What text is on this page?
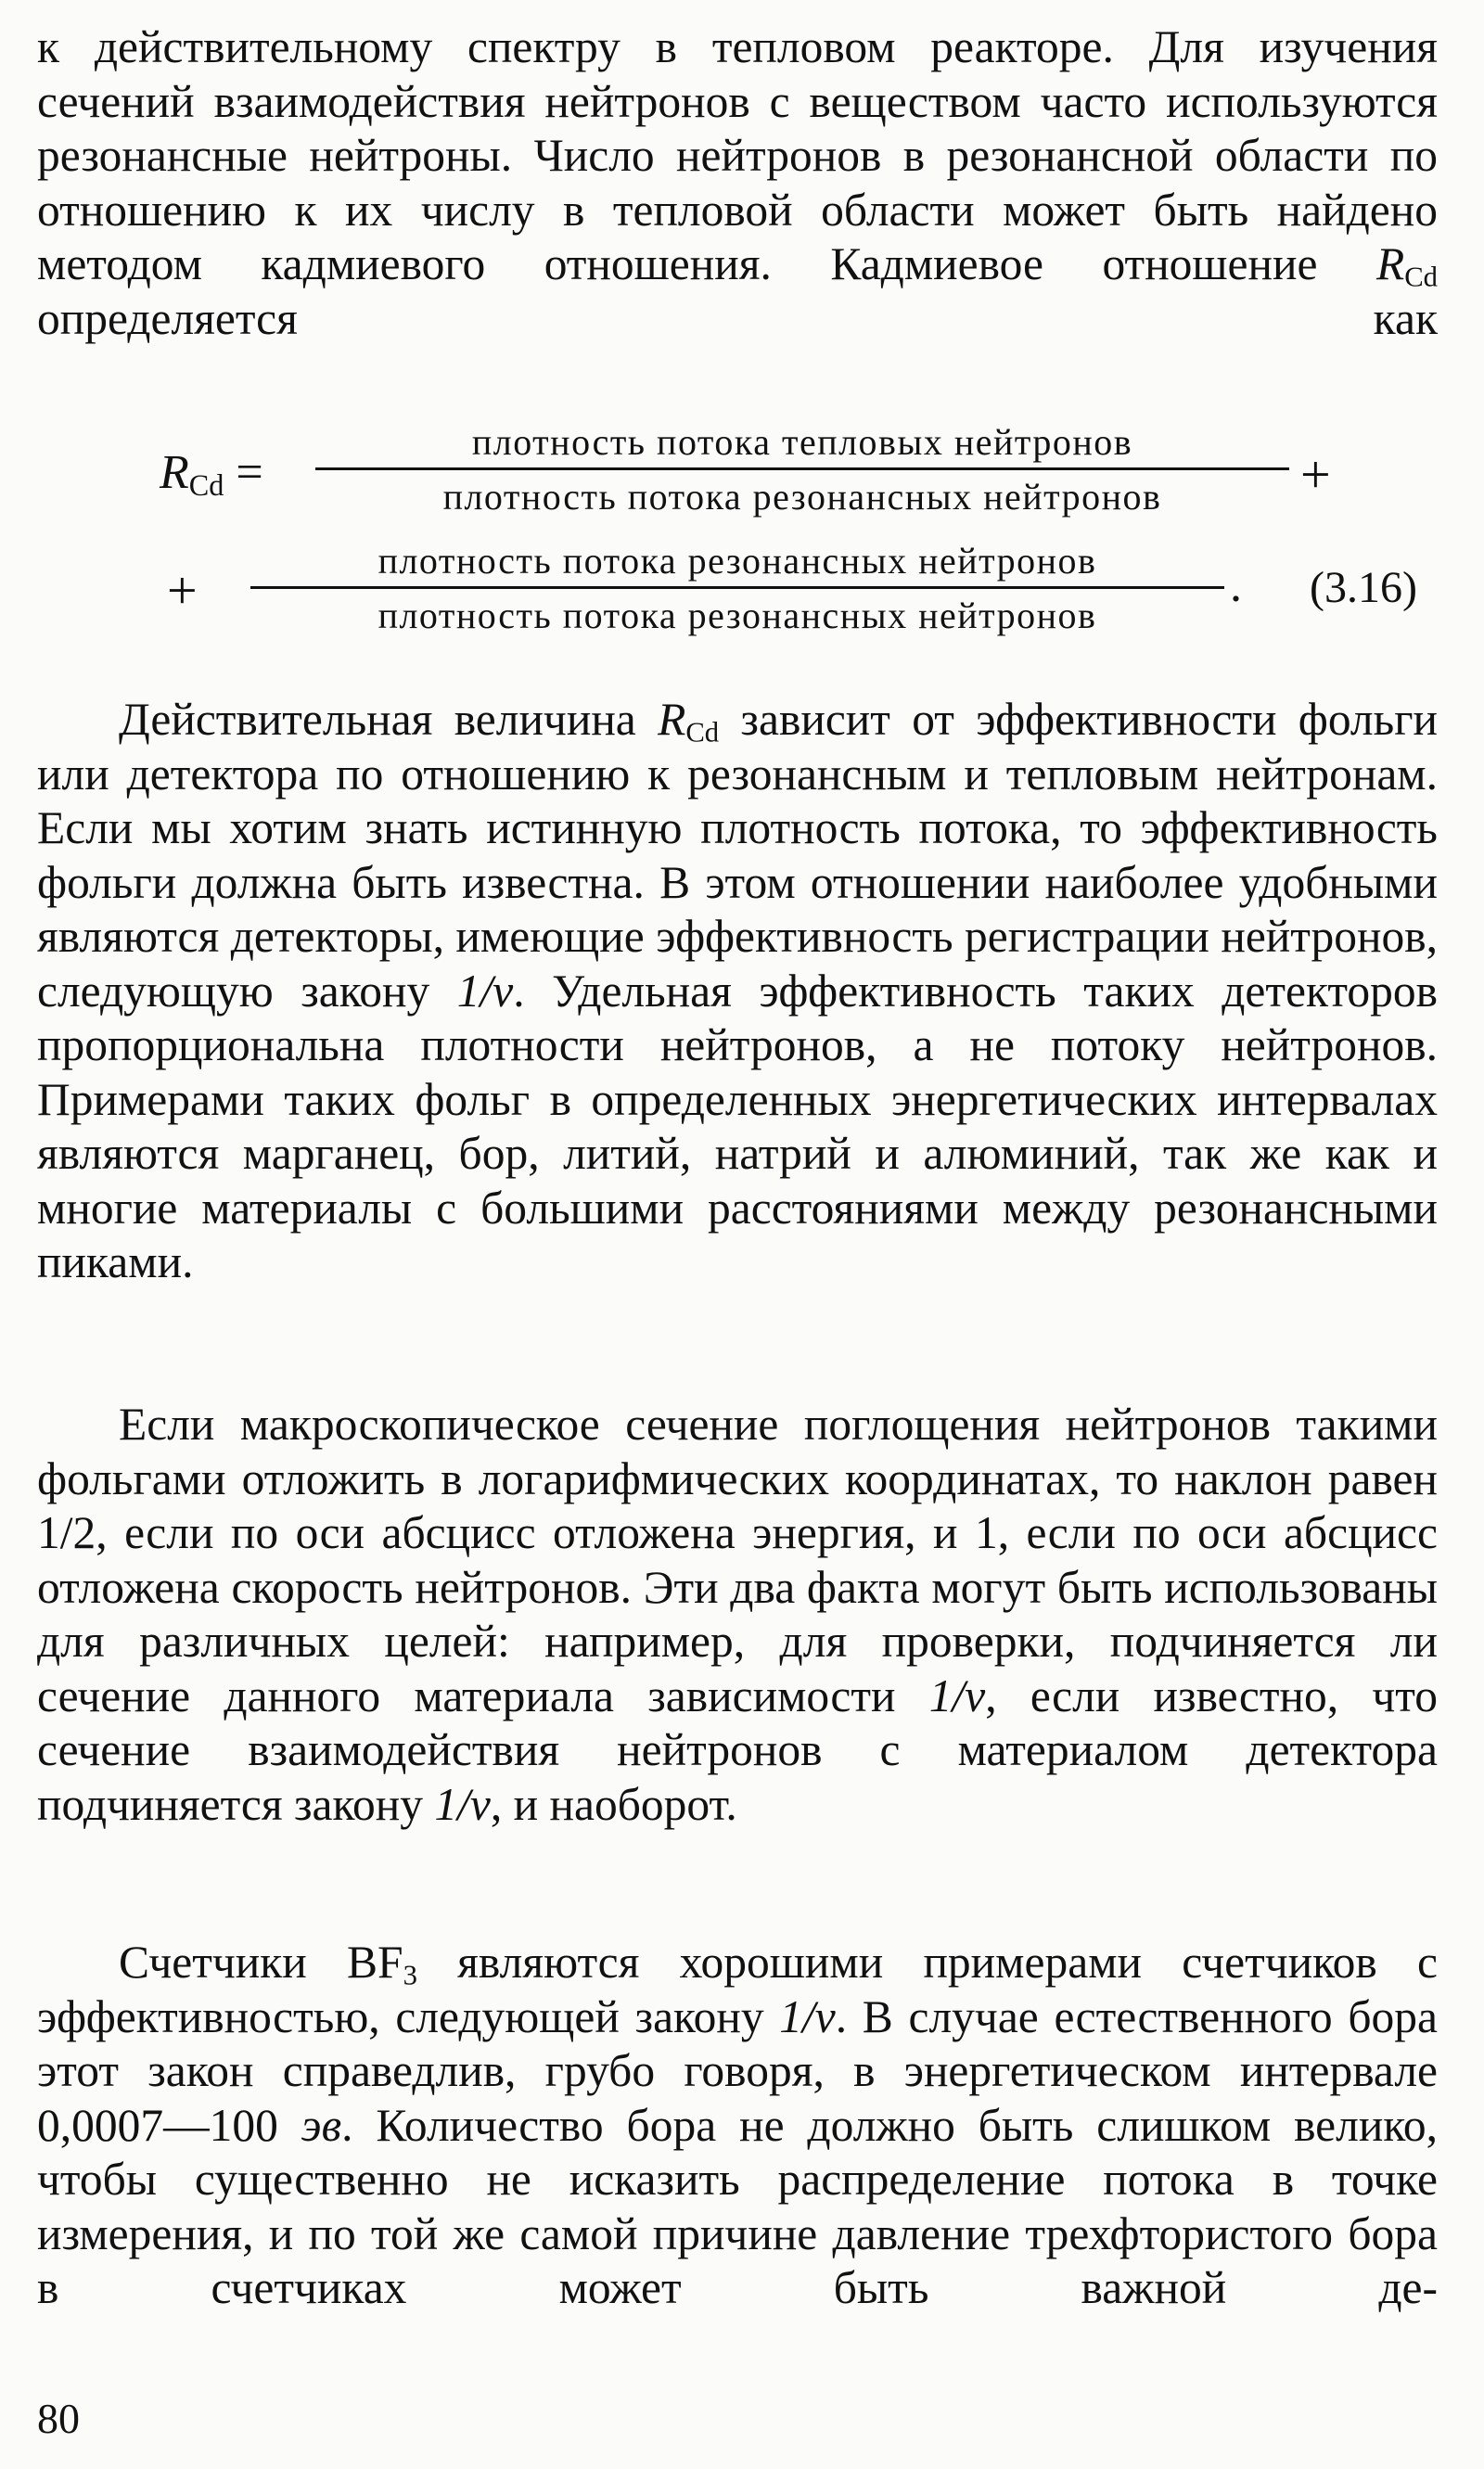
к действительному спектру в тепловом реакторе. Для изучения сечений взаимодействия нейтронов с веществом часто используются резонансные нейтроны. Число нейтронов в резонансной области по отношению к их числу в тепловой области может быть найдено методом кадмиевого отношения. Кадмиевое отношение $R_{Cd}$ определяется как

$R_{Cd}$ =
плотность потока тепловых нейтронов
плотность потока резонансных нейтронов	+
+	плотность потока резонансных нейтронов
плотность потока резонансных нейтронов
. (3.16)

Действительная величина $R_{Cd}$ зависит от эффективности фольги или детектора по отношению к резонансным и тепловым нейтронам. Если мы хотим знать истинную плотность потока, то эффективность фольги должна быть известна. В этом отношении наиболее удобными являются детекторы, имеющие эффективность регистрации нейтронов, следующую закону 1/v. Удельная эффективность таких детекторов пропорциональна плотности нейтронов, а не потоку нейтронов. Примерами таких фольг в определенных энергетических интервалах являются марганец, бор, литий, натрий и алюминий, так же как и многие материалы с большими расстояниями между резонансными пиками.

Если макроскопическое сечение поглощения нейтронов такими фольгами отложить в логарифмических координатах, то наклон равен 1/2, если по оси абсцисс отложена энергия, и 1, если по оси абсцисс отложена скорость нейтронов. Эти два факта могут быть использованы для различных целей: например, для проверки, подчиняется ли сечение данного материала зависимости 1/v, если известно, что сечение взаимодействия нейтронов с материалом детектора подчиняется закону 1/v, и наоборот.

Счетчики $BF_3$ являются хорошими примерами счетчиков с эффективностью, следующей закону 1/v. В случае естественного бора этот закон справедлив, грубо говоря, в энергетическом интервале 0,0007—100 эв. Количество бора не должно быть слишком велико, чтобы существенно не исказить распределение потока в точке измерения, и по той же самой причине давление трехфтористого бора в счетчиках может быть важной де-

80
